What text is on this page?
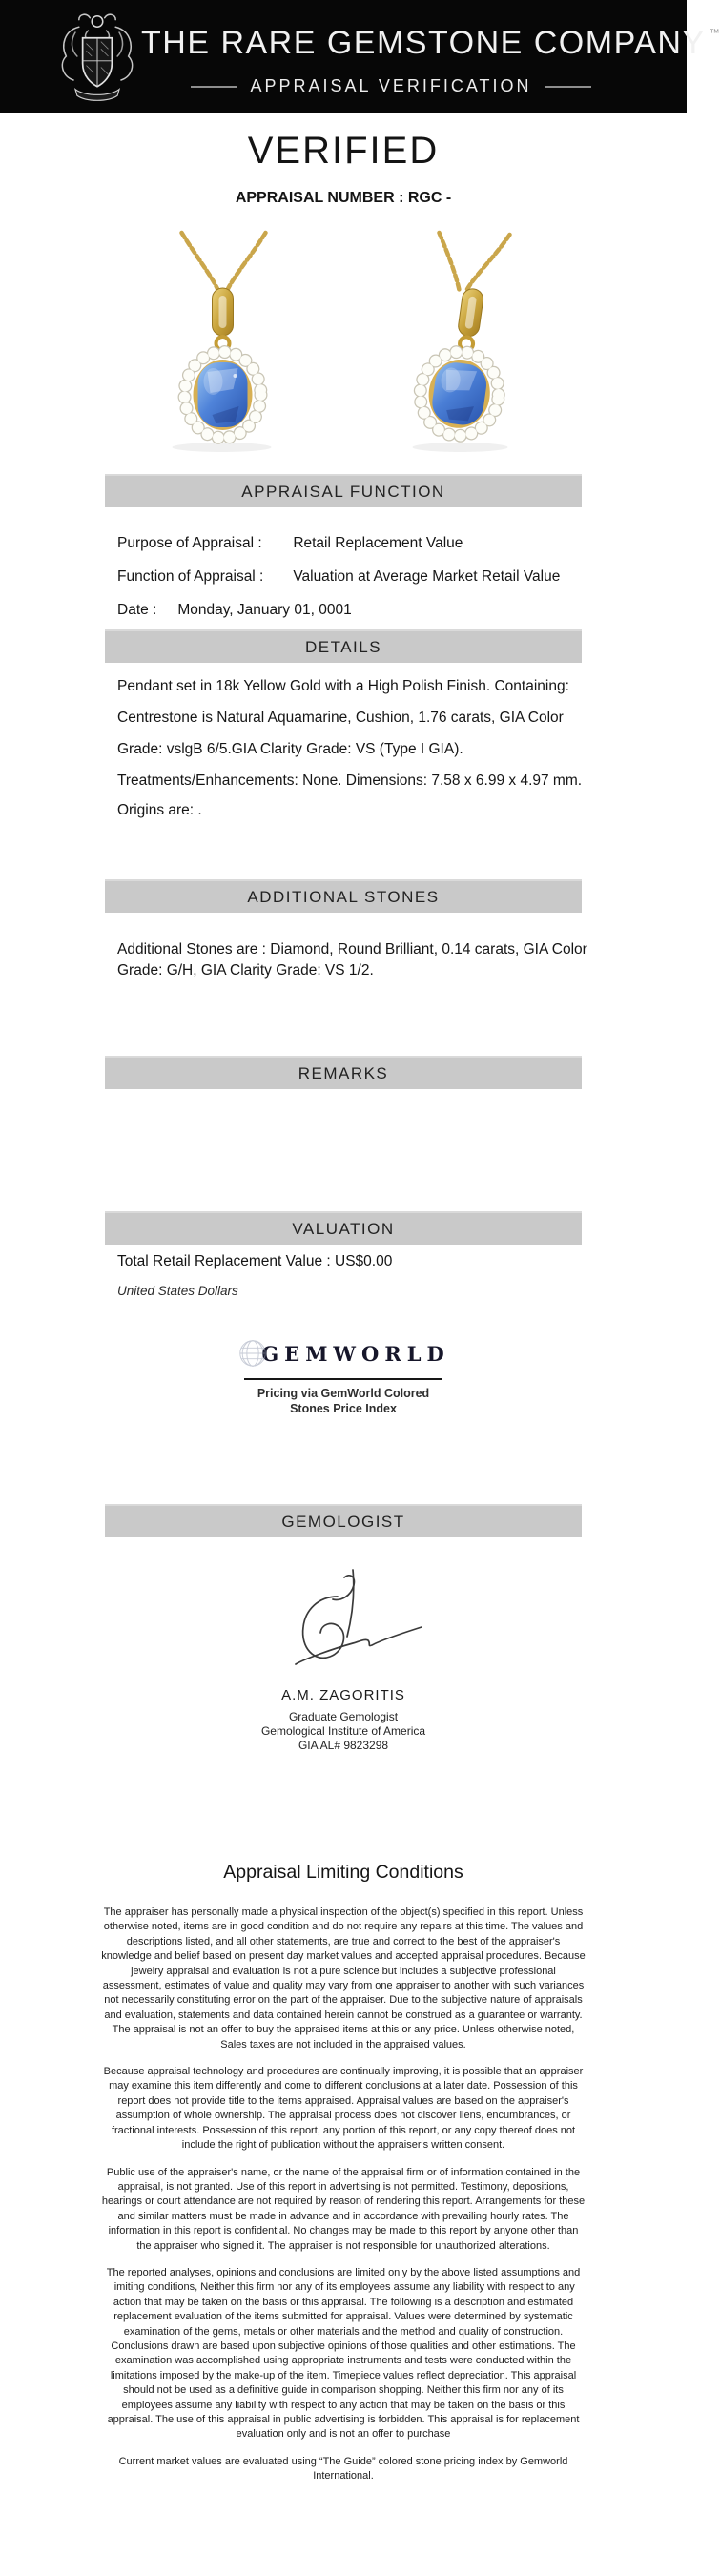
THE RARE GEMSTONE COMPANY ™
APPRAISAL VERIFICATION
VERIFIED
APPRAISAL NUMBER : RGC -
APPRAISAL FUNCTION
Purpose of Appraisal : Retail Replacement Value
Function of Appraisal : Valuation at Average Market Retail Value
Date : Monday, January 01, 0001
DETAILS
Pendant set in 18k Yellow Gold with a High Polish Finish. Containing: Centrestone is Natural Aquamarine, Cushion, 1.76 carats, GIA Color Grade: vslgB 6/5.GIA Clarity Grade: VS (Type I GIA). Treatments/Enhancements: None. Dimensions: 7.58 x 6.99 x 4.97 mm.
Origins are: .
ADDITIONAL STONES
Additional Stones are : Diamond, Round Brilliant, 0.14 carats, GIA Color Grade: G/H, GIA Clarity Grade: VS 1/2.
REMARKS
VALUATION
Total Retail Replacement Value : US$0.00
United States Dollars
GEMWORLD
Pricing via GemWorld Colored
Stones Price Index
GEMOLOGIST
A.M. ZAGORITIS
Graduate Gemologist
Gemological Institute of America
GIA AL# 9823298
Appraisal Limiting Conditions

The appraiser has personally made a physical inspection of the object(s) specified in this report. Unless otherwise noted, items are in good condition and do not require any repairs at this time. The values and descriptions listed, and all other statements, are true and correct to the best of the appraiser's knowledge and belief based on present day market values and accepted appraisal procedures. Because jewelry appraisal and evaluation is not a pure science but includes a subjective professional assessment, estimates of value and quality may vary from one appraiser to another with such variances not necessarily constituting error on the part of the appraiser. Due to the subjective nature of appraisals and evaluation, statements and data contained herein cannot be construed as a guarantee or warranty. The appraisal is not an offer to buy the appraised items at this or any price. Unless otherwise noted, Sales taxes are not included in the appraised values.

Because appraisal technology and procedures are continually improving, it is possible that an appraiser may examine this item differently and come to different conclusions at a later date. Possession of this report does not provide title to the items appraised. Appraisal values are based on the appraiser's assumption of whole ownership. The appraisal process does not discover liens, encumbrances, or fractional interests. Possession of this report, any portion of this report, or any copy thereof does not include the right of publication without the appraiser's written consent.

Public use of the appraiser's name, or the name of the appraisal firm or of information contained in the appraisal, is not granted. Use of this report in advertising is not permitted. Testimony, depositions, hearings or court attendance are not required by reason of rendering this report. Arrangements for these and similar matters must be made in advance and in accordance with prevailing hourly rates. The information in this report is confidential. No changes may be made to this report by anyone other than the appraiser who signed it. The appraiser is not responsible for unauthorized alterations.

The reported analyses, opinions and conclusions are limited only by the above listed assumptions and limiting conditions, Neither this firm nor any of its employees assume any liability with respect to any action that may be taken on the basis or this appraisal. The following is a description and estimated replacement evaluation of the items submitted for appraisal. Values were determined by systematic examination of the gems, metals or other materials and the method and quality of construction. Conclusions drawn are based upon subjective opinions of those qualities and other estimations. The examination was accomplished using appropriate instruments and tests were conducted within the limitations imposed by the make-up of the item. Timepiece values reflect depreciation. This appraisal should not be used as a definitive guide in comparison shopping. Neither this firm nor any of its employees assume any liability with respect to any action that may be taken on the basis or this appraisal. The use of this appraisal in public advertising is forbidden. This appraisal is for replacement evaluation only and is not an offer to purchase

Current market values are evaluated using “The Guide” colored stone pricing index by Gemworld International.
